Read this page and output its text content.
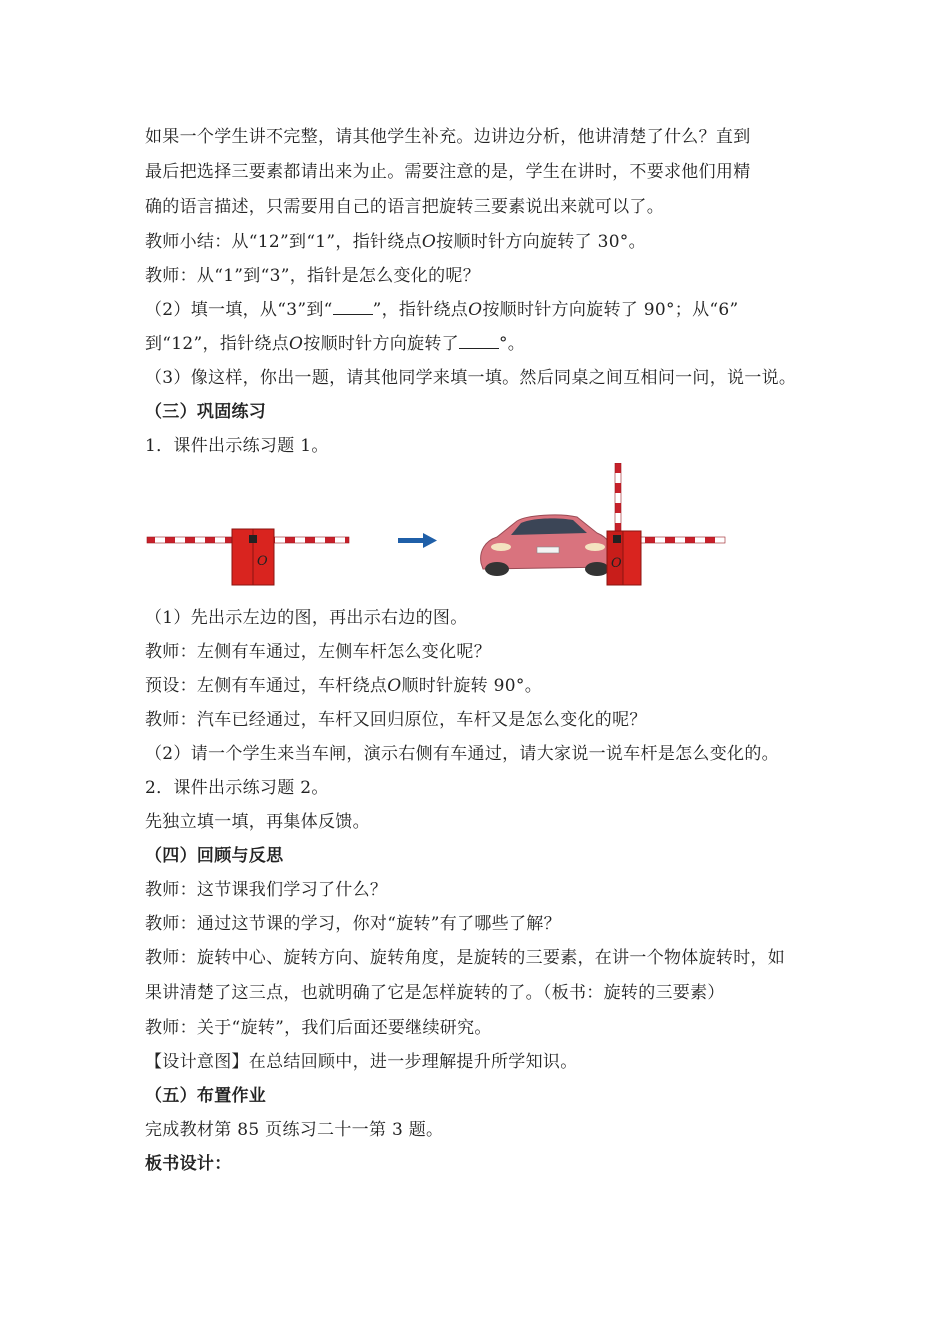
如果一个学生讲不完整，请其他学生补充。边讲边分析，他讲清楚了什么？直到
最后把选择三要素都请出来为止。需要注意的是，学生在讲时，不要求他们用精
确的语言描述，只需要用自己的语言把旋转三要素说出来就可以了。
教师小结：从“12”到“1”，指针绕点O按顺时针方向旋转了 30°。
教师：从“1”到“3”，指针是怎么变化的呢？
（2）填一填，从“3”到“ ”，指针绕点O按顺时针方向旋转了 90°；从“6”
到“12”，指针绕点O按顺时针方向旋转了 °。
（3）像这样，你出一题，请其他同学来填一填。然后同桌之间互相问一问，说一说。
（三）巩固练习
1．课件出示练习题 1。
O	O
（1）先出示左边的图，再出示右边的图。
教师：左侧有车通过，左侧车杆怎么变化呢？
预设：左侧有车通过，车杆绕点O顺时针旋转 90°。
教师：汽车已经通过，车杆又回归原位，车杆又是怎么变化的呢？
（2）请一个学生来当车闸，演示右侧有车通过，请大家说一说车杆是怎么变化的。
2．课件出示练习题 2。
先独立填一填，再集体反馈。
（四）回顾与反思
教师：这节课我们学习了什么？
教师：通过这节课的学习，你对“旋转”有了哪些了解？
教师：旋转中心、旋转方向、旋转角度，是旋转的三要素，在讲一个物体旋转时，如
果讲清楚了这三点，也就明确了它是怎样旋转的了。（板书：旋转的三要素）
教师：关于“旋转”，我们后面还要继续研究。
【设计意图】在总结回顾中，进一步理解提升所学知识。
（五）布置作业
完成教材第 85 页练习二十一第 3 题。
板书设计：
